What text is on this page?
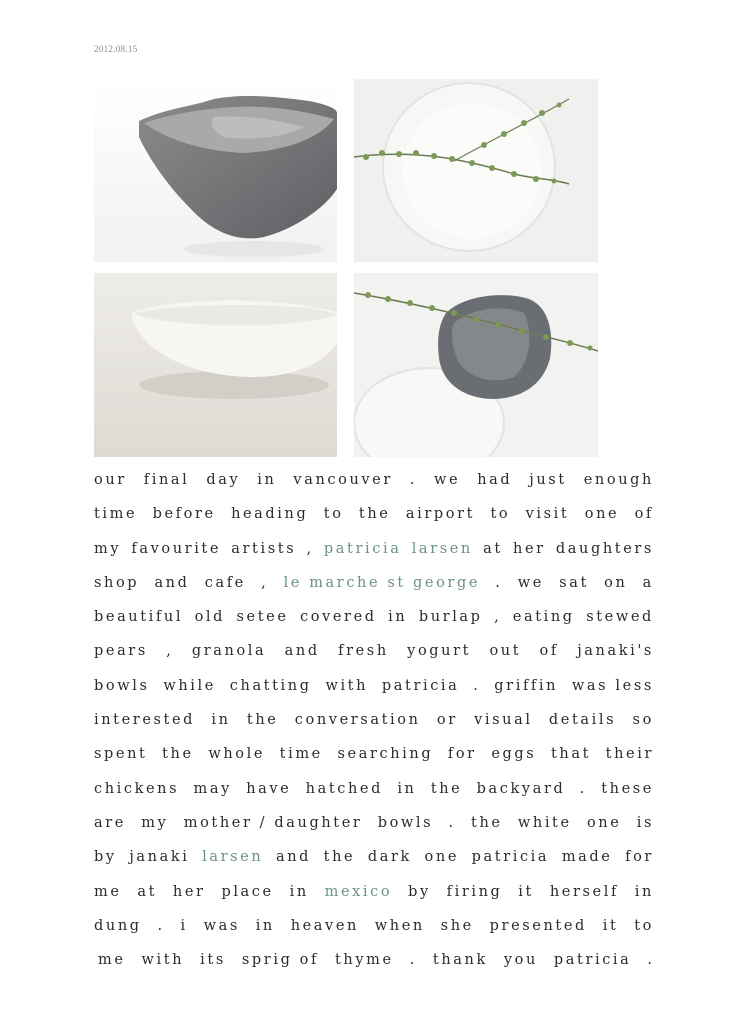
2012.08.15
our final day in vancouver . we had just enough
time before heading to the airport to visit one of
my favourite artists , patricia larsen at her daughters
shop and cafe , le marche st george . we sat on a
beautiful old setee covered in burlap , eating stewed
pears , granola and fresh yogurt out of janaki's
bowls while chatting with patricia . griffin was less
interested in the conversation or visual details so
spent the whole time searching for eggs that their
chickens may have hatched in the backyard . these
are my mother / daughter bowls . the white one is
by janaki larsen and the dark one patricia made for
me at her place in mexico by firing it herself in
dung . i was in heaven when she presented it to
me with its sprig of thyme . thank you patricia .
